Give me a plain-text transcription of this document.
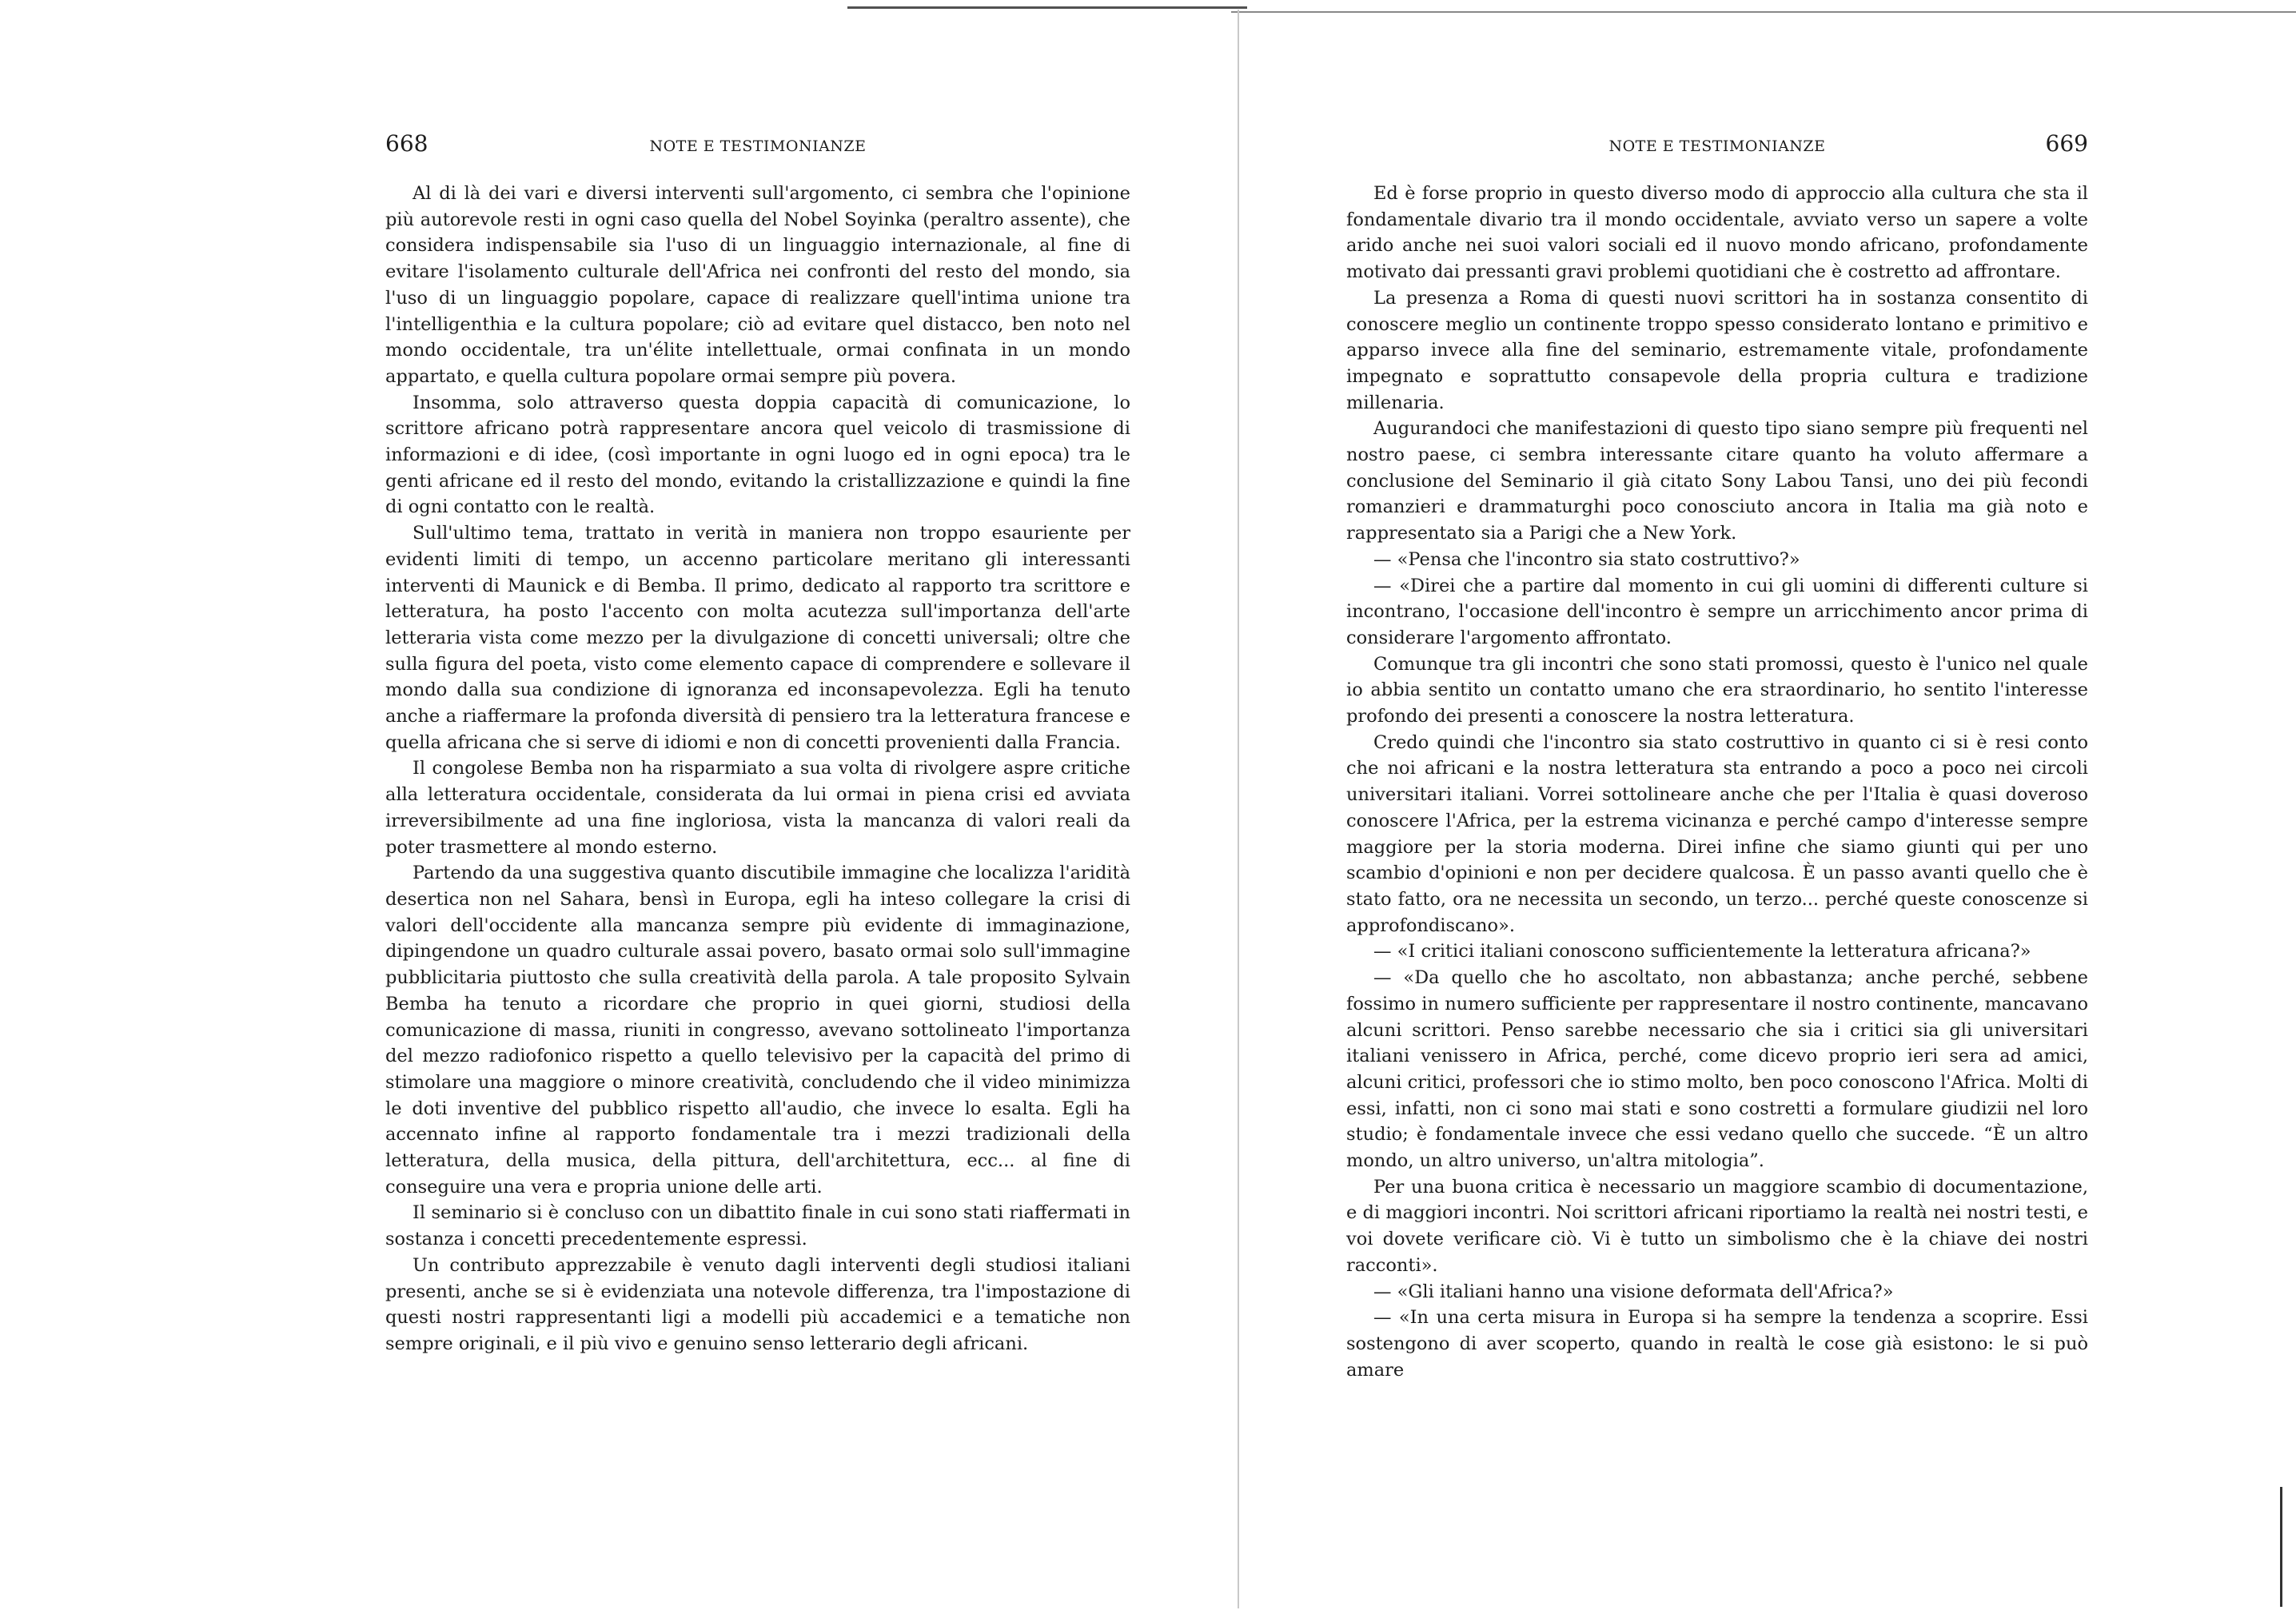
668	NOTE E TESTIMONIANZE

Al di là dei vari e diversi interventi sull'argomento, ci sembra che l'opinione più autorevole resti in ogni caso quella del Nobel Soyinka (peraltro assente), che considera indispensabile sia l'uso di un linguaggio internazionale, al fine di evitare l'isolamento culturale dell'Africa nei confronti del resto del mondo, sia l'uso di un linguaggio popolare, capace di realizzare quell'intima unione tra l'intelligenthia e la cultura popolare; ciò ad evitare quel distacco, ben noto nel mondo occidentale, tra un'élite intellettuale, ormai confinata in un mondo appartato, e quella cultura popolare ormai sempre più povera.

Insomma, solo attraverso questa doppia capacità di comunicazione, lo scrittore africano potrà rappresentare ancora quel veicolo di trasmissione di informazioni e di idee, (così importante in ogni luogo ed in ogni epoca) tra le genti africane ed il resto del mondo, evitando la cristallizzazione e quindi la fine di ogni contatto con le realtà.

Sull'ultimo tema, trattato in verità in maniera non troppo esauriente per evidenti limiti di tempo, un accenno particolare meritano gli interessanti interventi di Maunick e di Bemba. Il primo, dedicato al rapporto tra scrittore e letteratura, ha posto l'accento con molta acutezza sull'importanza dell'arte letteraria vista come mezzo per la divulgazione di concetti universali; oltre che sulla figura del poeta, visto come elemento capace di comprendere e sollevare il mondo dalla sua condizione di ignoranza ed inconsapevolezza. Egli ha tenuto anche a riaffermare la profonda diversità di pensiero tra la letteratura francese e quella africana che si serve di idiomi e non di concetti provenienti dalla Francia.

Il congolese Bemba non ha risparmiato a sua volta di rivolgere aspre critiche alla letteratura occidentale, considerata da lui ormai in piena crisi ed avviata irreversibilmente ad una fine ingloriosa, vista la mancanza di valori reali da poter trasmettere al mondo esterno.

Partendo da una suggestiva quanto discutibile immagine che localizza l'aridità desertica non nel Sahara, bensì in Europa, egli ha inteso collegare la crisi di valori dell'occidente alla mancanza sempre più evidente di immaginazione, dipingendone un quadro culturale assai povero, basato ormai solo sull'immagine pubblicitaria piuttosto che sulla creatività della parola. A tale proposito Sylvain Bemba ha tenuto a ricordare che proprio in quei giorni, studiosi della comunicazione di massa, riuniti in congresso, avevano sottolineato l'importanza del mezzo radiofonico rispetto a quello televisivo per la capacità del primo di stimolare una maggiore o minore creatività, concludendo che il video minimizza le doti inventive del pubblico rispetto all'audio, che invece lo esalta. Egli ha accennato infine al rapporto fondamentale tra i mezzi tradizionali della letteratura, della musica, della pittura, dell'architettura, ecc... al fine di conseguire una vera e propria unione delle arti.

Il seminario si è concluso con un dibattito finale in cui sono stati riaffermati in sostanza i concetti precedentemente espressi.

Un contributo apprezzabile è venuto dagli interventi degli studiosi italiani presenti, anche se si è evidenziata una notevole differenza, tra l'impostazione di questi nostri rappresentanti ligi a modelli più accademici e a tematiche non sempre originali, e il più vivo e genuino senso letterario degli africani.

NOTE E TESTIMONIANZE	669

Ed è forse proprio in questo diverso modo di approccio alla cultura che sta il fondamentale divario tra il mondo occidentale, avviato verso un sapere a volte arido anche nei suoi valori sociali ed il nuovo mondo africano, profondamente motivato dai pressanti gravi problemi quotidiani che è costretto ad affrontare.

La presenza a Roma di questi nuovi scrittori ha in sostanza consentito di conoscere meglio un continente troppo spesso considerato lontano e primitivo e apparso invece alla fine del seminario, estremamente vitale, profondamente impegnato e soprattutto consapevole della propria cultura e tradizione millenaria.

Augurandoci che manifestazioni di questo tipo siano sempre più frequenti nel nostro paese, ci sembra interessante citare quanto ha voluto affermare a conclusione del Seminario il già citato Sony Labou Tansi, uno dei più fecondi romanzieri e drammaturghi poco conosciuto ancora in Italia ma già noto e rappresentato sia a Parigi che a New York.

— «Pensa che l'incontro sia stato costruttivo?»

— «Direi che a partire dal momento in cui gli uomini di differenti culture si incontrano, l'occasione dell'incontro è sempre un arricchimento ancor prima di considerare l'argomento affrontato.

Comunque tra gli incontri che sono stati promossi, questo è l'unico nel quale io abbia sentito un contatto umano che era straordinario, ho sentito l'interesse profondo dei presenti a conoscere la nostra letteratura.

Credo quindi che l'incontro sia stato costruttivo in quanto ci si è resi conto che noi africani e la nostra letteratura sta entrando a poco a poco nei circoli universitari italiani. Vorrei sottolineare anche che per l'Italia è quasi doveroso conoscere l'Africa, per la estrema vicinanza e perché campo d'interesse sempre maggiore per la storia moderna. Direi infine che siamo giunti qui per uno scambio d'opinioni e non per decidere qualcosa. È un passo avanti quello che è stato fatto, ora ne necessita un secondo, un terzo... perché queste conoscenze si approfondiscano».

— «I critici italiani conoscono sufficientemente la letteratura africana?»

— «Da quello che ho ascoltato, non abbastanza; anche perché, sebbene fossimo in numero sufficiente per rappresentare il nostro continente, mancavano alcuni scrittori. Penso sarebbe necessario che sia i critici sia gli universitari italiani venissero in Africa, perché, come dicevo proprio ieri sera ad amici, alcuni critici, professori che io stimo molto, ben poco conoscono l'Africa. Molti di essi, infatti, non ci sono mai stati e sono costretti a formulare giudizii nel loro studio; è fondamentale invece che essi vedano quello che succede. “È un altro mondo, un altro universo, un'altra mitologia”.

Per una buona critica è necessario un maggiore scambio di documentazione, e di maggiori incontri. Noi scrittori africani riportiamo la realtà nei nostri testi, e voi dovete verificare ciò. Vi è tutto un simbolismo che è la chiave dei nostri racconti».

— «Gli italiani hanno una visione deformata dell'Africa?»

— «In una certa misura in Europa si ha sempre la tendenza a scoprire. Essi sostengono di aver scoperto, quando in realtà le cose già esistono: le si può amare
